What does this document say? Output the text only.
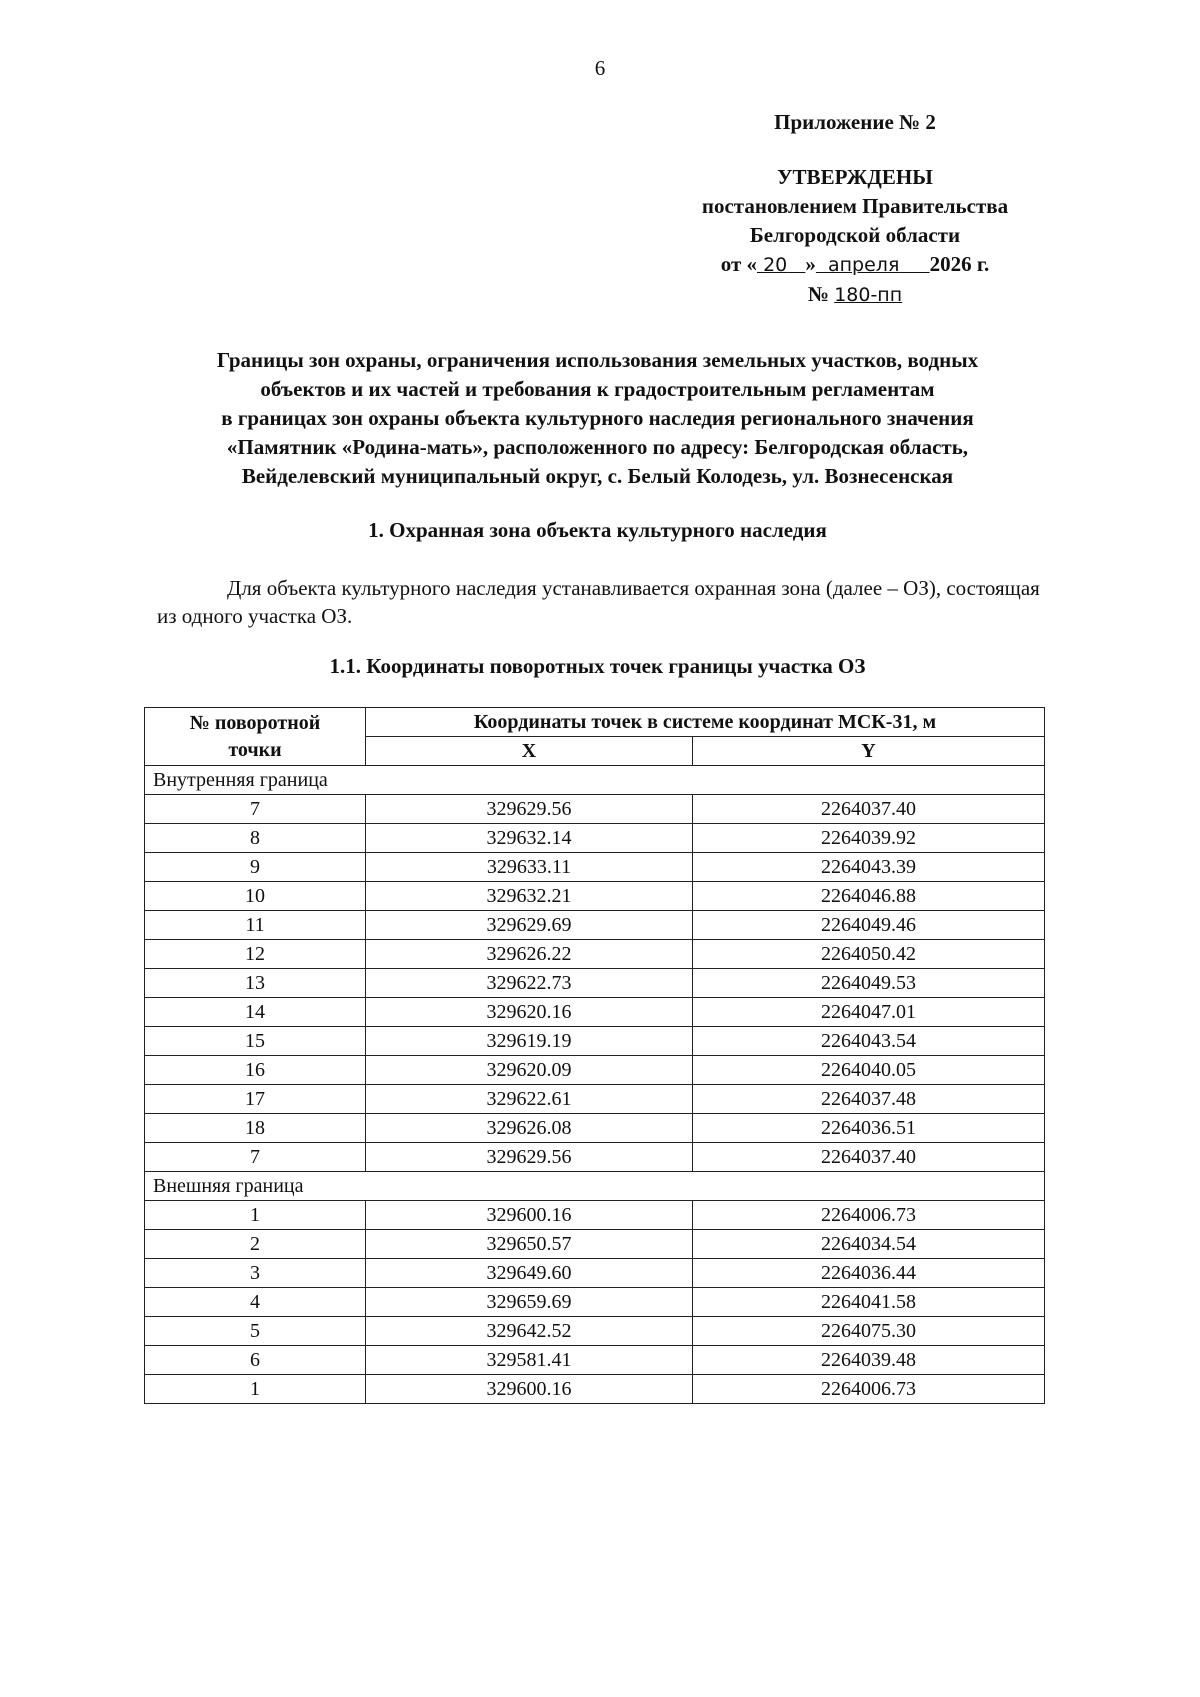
6
Приложение № 2
УТВЕРЖДЕНЫ
постановлением Правительства
Белгородской области
от « 20 » апреля 2026 г.
№ 180-пп
Границы зон охраны, ограничения использования земельных участков, водных
объектов и их частей и требования к градостроительным регламентам
в границах зон охраны объекта культурного наследия регионального значения
«Памятник «Родина-мать», расположенного по адресу: Белгородская область,
Вейделевский муниципальный округ, с. Белый Колодезь, ул. Вознесенская
1. Охранная зона объекта культурного наследия
Для объекта культурного наследия устанавливается охранная зона (далее – ОЗ), состоящая из одного участка ОЗ.
1.1. Координаты поворотных точек границы участка ОЗ
№ поворотной точки	Координаты точек в системе координат МСК-31, м	
	X	Y
Внутренняя граница		
7	329629.56	2264037.40
8	329632.14	2264039.92
9	329633.11	2264043.39
10	329632.21	2264046.88
11	329629.69	2264049.46
12	329626.22	2264050.42
13	329622.73	2264049.53
14	329620.16	2264047.01
15	329619.19	2264043.54
16	329620.09	2264040.05
17	329622.61	2264037.48
18	329626.08	2264036.51
7	329629.56	2264037.40
Внешняя граница		
1	329600.16	2264006.73
2	329650.57	2264034.54
3	329649.60	2264036.44
4	329659.69	2264041.58
5	329642.52	2264075.30
6	329581.41	2264039.48
1	329600.16	2264006.73
